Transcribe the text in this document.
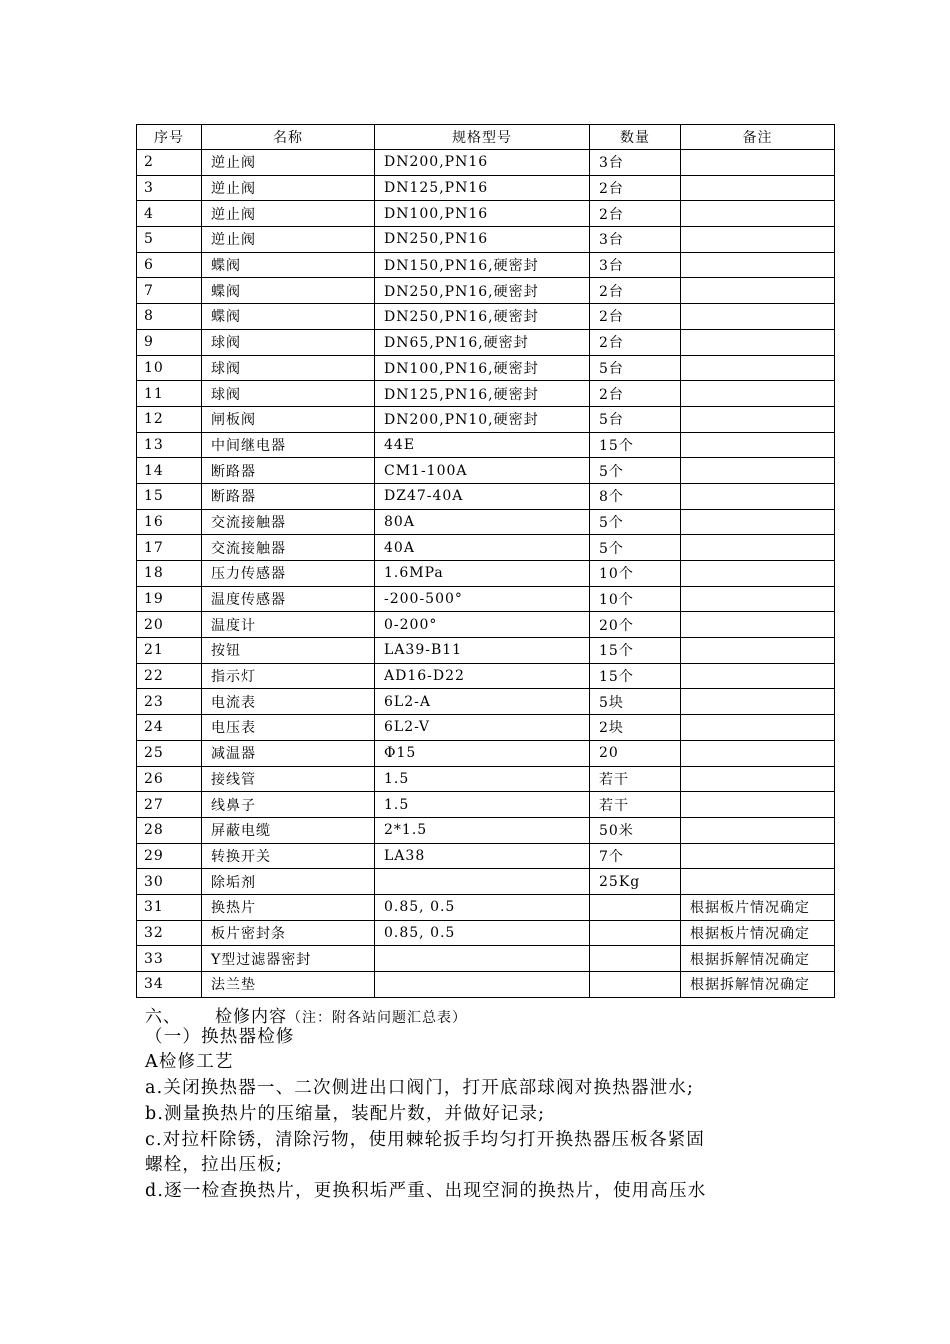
序号	名称	规格型号	数量	备注
2	逆止阀	DN200,PN16	3台	
3	逆止阀	DN125,PN16	2台	
4	逆止阀	DN100,PN16	2台	
5	逆止阀	DN250,PN16	3台	
6	蝶阀	DN150,PN16,硬密封	3台	
7	蝶阀	DN250,PN16,硬密封	2台	
8	蝶阀	DN250,PN16,硬密封	2台	
9	球阀	DN65,PN16,硬密封	2台	
10	球阀	DN100,PN16,硬密封	5台	
11	球阀	DN125,PN16,硬密封	2台	
12	闸板阀	DN200,PN10,硬密封	5台	
13	中间继电器	44E	15个	
14	断路器	CM1-100A	5个	
15	断路器	DZ47-40A	8个	
16	交流接触器	80A	5个	
17	交流接触器	40A	5个	
18	压力传感器	1.6MPa	10个	
19	温度传感器	-200-500°	10个	
20	温度计	0-200°	20个	
21	按钮	LA39-B11	15个	
22	指示灯	AD16-D22	15个	
23	电流表	6L2-A	5块	
24	电压表	6L2-V	2块	
25	减温器	Φ15	20	
26	接线管	1.5	若干	
27	线鼻子	1.5	若干	
28	屏蔽电缆	2*1.5	50米	
29	转换开关	LA38	7个	
30	除垢剂		25Kg	
31	换热片	0.85, 0.5		根据板片情况确定
32	板片密封条	0.85, 0.5		根据板片情况确定
33	Y型过滤器密封			根据拆解情况确定
34	法兰垫			根据拆解情况确定
六、 检修内容（注：附各站问题汇总表）
（一）换热器检修
A检修工艺
a.关闭换热器一、二次侧进出口阀门，打开底部球阀对换热器泄水;
b.测量换热片的压缩量，装配片数，并做好记录;
c.对拉杆除锈，清除污物，使用棘轮扳手均匀打开换热器压板各紧固
螺栓，拉出压板;
d.逐一检查换热片，更换积垢严重、出现空洞的换热片，使用高压水
